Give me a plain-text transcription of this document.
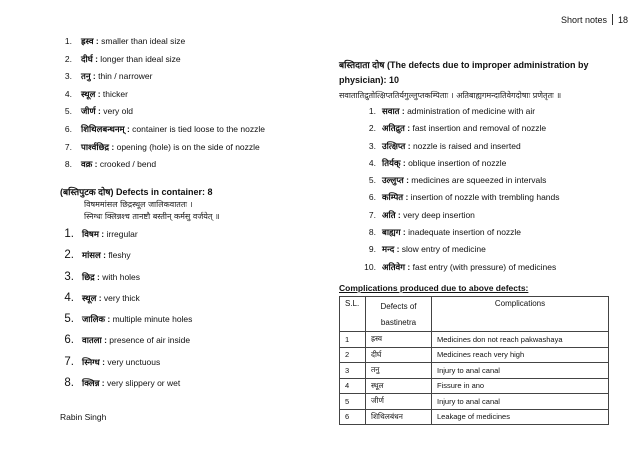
Short notes 18
1. ह्रस्व : smaller than ideal size
2. दीर्घ : longer than ideal size
3. तनु : thin / narrower
4. स्थूल : thicker
5. जीर्ण : very old
6. शिथिलबन्धनम् : container is tied loose to the nozzle
7. पार्श्वछिद्र : opening (hole) is on the side of nozzle
8. वक्र : crooked / bend
(बस्तिपुटक दोष) Defects in container: 8
विषममांसल छिद्रस्थूल जालिकवाततः ।
स्निग्धः क्लिन्नश्च तानष्टौ बस्तीन् कर्मसु वर्जयेत् ॥
1. विषम : irregular
2. मांसल : fleshy
3. छिद्र : with holes
4. स्थूल : very thick
5. जालिक : multiple minute holes
6. वातला : presence of air inside
7. स्निग्ध : very unctuous
8. क्लिन्न : very slippery or wet
बस्तिदाता दोष (The defects due to improper administration by
physician): 10
सवातातिद्रुतोत्क्षिप्ततिर्यगुल्लुप्तकम्पिताः । अतिबाह्यगमन्दातिवेगदोषाः प्रणेतृतः ॥
1. सवात : administration of medicine with air
2. अतिद्रुत : fast insertion and removal of nozzle
3. उत्क्षिप्त : nozzle is raised and inserted
4. तिर्यक् : oblique insertion of nozzle
5. उल्लुप्त : medicines are squeezed in intervals
6. कम्पित : insertion of nozzle with trembling hands
7. अति : very deep insertion
8. बाह्यग : inadequate insertion of nozzle
9. मन्द : slow entry of medicine
10. अतिवेग : fast entry (with pressure) of medicines
Complications produced due to above defects:
S.L.	Defects of
bastinetra	Complications
1	ह्रस्व	Medicines don not reach pakwashaya
2	दीर्घ	Medicines reach very high
3	तनु	Injury to anal canal
4	स्थूल	Fissure in ano
5	जीर्ण	Injury to anal canal
6	शिथिलबंधन	Leakage of medicines
Rabin Singh
